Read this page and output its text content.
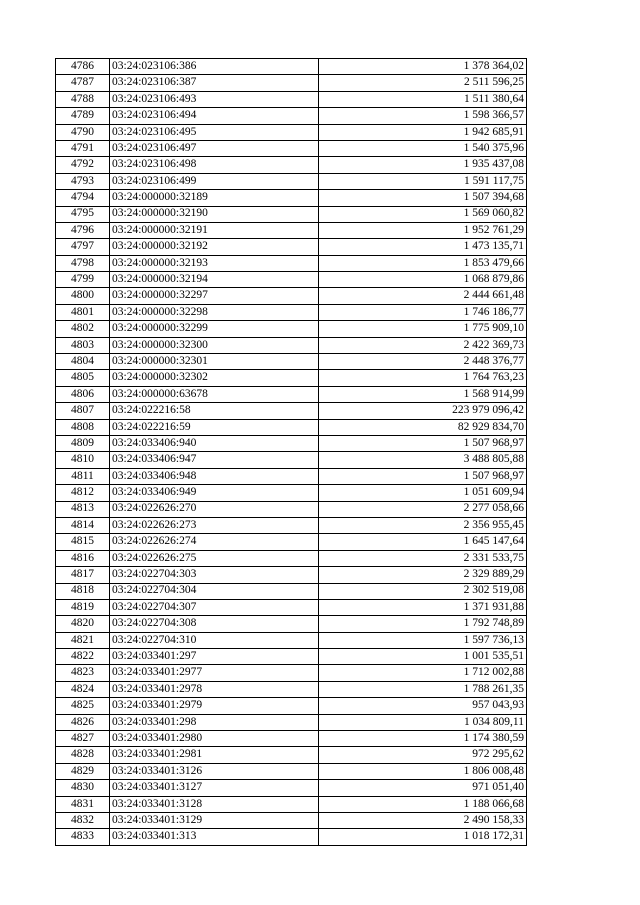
4786	03:24:023106:386	1 378 364,02
4787	03:24:023106:387	2 511 596,25
4788	03:24:023106:493	1 511 380,64
4789	03:24:023106:494	1 598 366,57
4790	03:24:023106:495	1 942 685,91
4791	03:24:023106:497	1 540 375,96
4792	03:24:023106:498	1 935 437,08
4793	03:24:023106:499	1 591 117,75
4794	03:24:000000:32189	1 507 394,68
4795	03:24:000000:32190	1 569 060,82
4796	03:24:000000:32191	1 952 761,29
4797	03:24:000000:32192	1 473 135,71
4798	03:24:000000:32193	1 853 479,66
4799	03:24:000000:32194	1 068 879,86
4800	03:24:000000:32297	2 444 661,48
4801	03:24:000000:32298	1 746 186,77
4802	03:24:000000:32299	1 775 909,10
4803	03:24:000000:32300	2 422 369,73
4804	03:24:000000:32301	2 448 376,77
4805	03:24:000000:32302	1 764 763,23
4806	03:24:000000:63678	1 568 914,99
4807	03:24:022216:58	223 979 096,42
4808	03:24:022216:59	82 929 834,70
4809	03:24:033406:940	1 507 968,97
4810	03:24:033406:947	3 488 805,88
4811	03:24:033406:948	1 507 968,97
4812	03:24:033406:949	1 051 609,94
4813	03:24:022626:270	2 277 058,66
4814	03:24:022626:273	2 356 955,45
4815	03:24:022626:274	1 645 147,64
4816	03:24:022626:275	2 331 533,75
4817	03:24:022704:303	2 329 889,29
4818	03:24:022704:304	2 302 519,08
4819	03:24:022704:307	1 371 931,88
4820	03:24:022704:308	1 792 748,89
4821	03:24:022704:310	1 597 736,13
4822	03:24:033401:297	1 001 535,51
4823	03:24:033401:2977	1 712 002,88
4824	03:24:033401:2978	1 788 261,35
4825	03:24:033401:2979	957 043,93
4826	03:24:033401:298	1 034 809,11
4827	03:24:033401:2980	1 174 380,59
4828	03:24:033401:2981	972 295,62
4829	03:24:033401:3126	1 806 008,48
4830	03:24:033401:3127	971 051,40
4831	03:24:033401:3128	1 188 066,68
4832	03:24:033401:3129	2 490 158,33
4833	03:24:033401:313	1 018 172,31
